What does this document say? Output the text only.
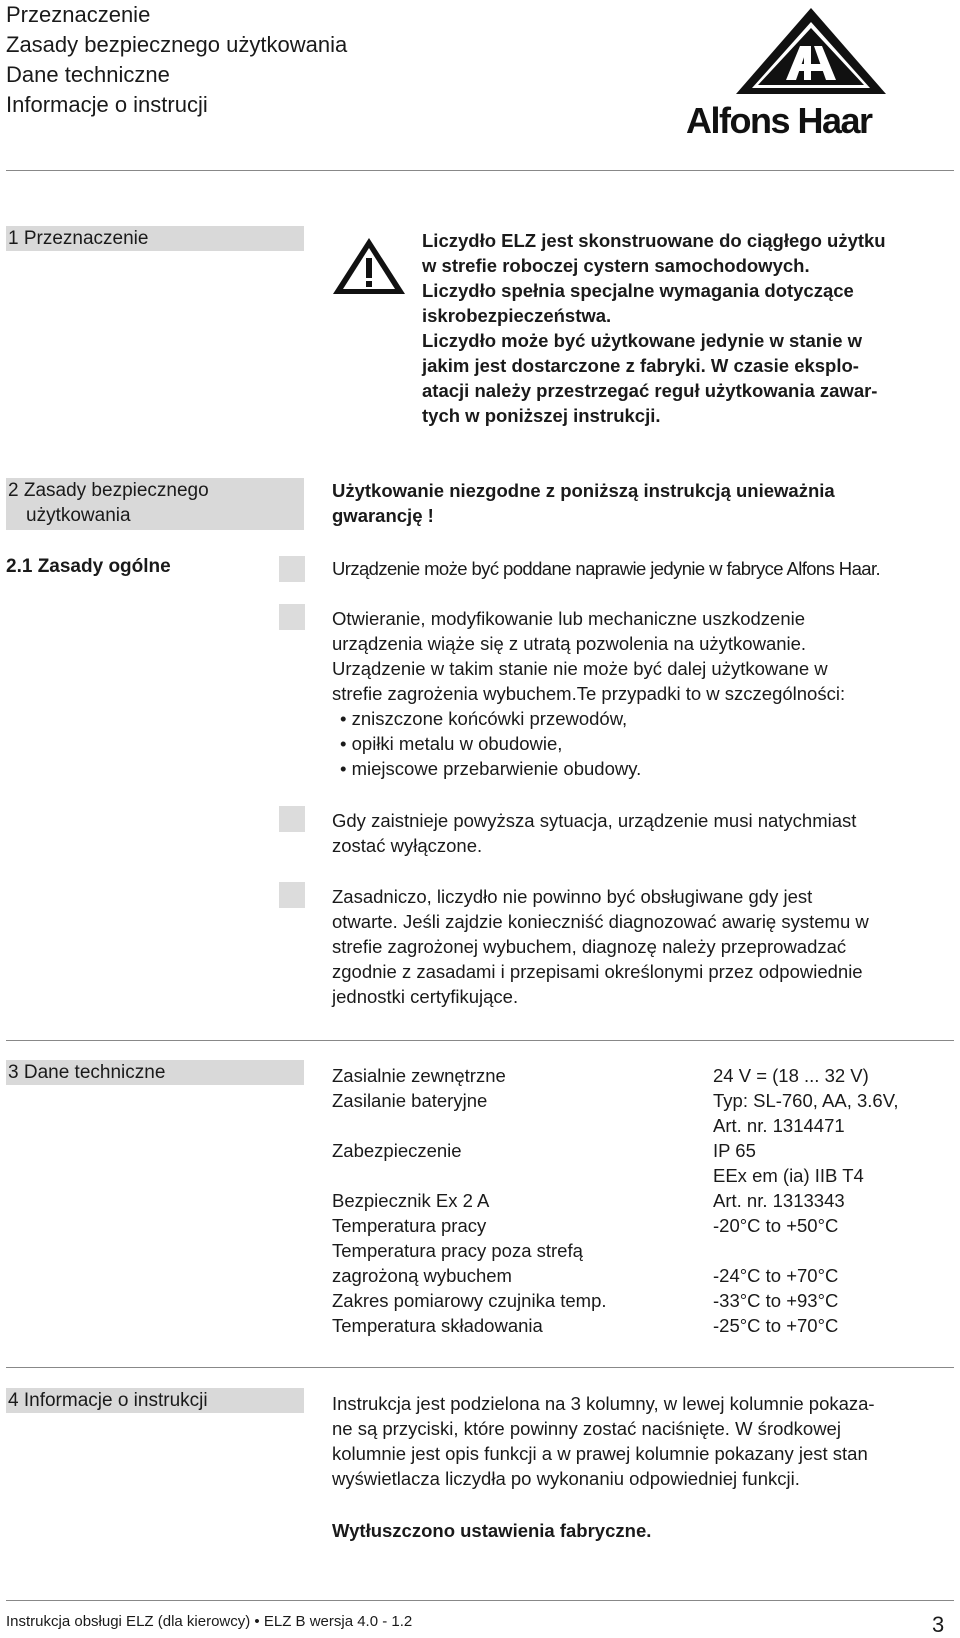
Przeznaczenie
Zasady bezpiecznego użytkowania
Dane techniczne
Informacje o instrucji	Alfons Haar
1 Przeznaczenie	Liczydło ELZ jest skonstruowane do ciągłego użytku
w strefie roboczej cystern samochodowych.
Liczydło spełnia specjalne wymagania dotyczące
iskrobezpieczeństwa.
Liczydło może być użytkowane jedynie w stanie w
jakim jest dostarczone z fabryki. W czasie eksplo-
atacji należy przestrzegać reguł użytkowania zawar-
tych w poniższej instrukcji.
2 Zasady bezpiecznego
użytkowania
Użytkowanie niezgodne z poniższą instrukcją unieważnia
gwarancję !
2.1 Zasady ogólne	Urządzenie może być poddane naprawie jedynie w fabryce Alfons Haar.
Otwieranie, modyfikowanie lub mechaniczne uszkodzenie
urządzenia wiąże się z utratą pozwolenia na użytkowanie.
Urządzenie w takim stanie nie może być dalej użytkowane w
strefie zagrożenia wybuchem.Te przypadki to w szczególności:
• zniszczone końcówki przewodów,
• opiłki metalu w obudowie,
• miejscowe przebarwienie obudowy.
Gdy zaistnieje powyższa sytuacja, urządzenie musi natychmiast
zostać wyłączone.
Zasadniczo, liczydło nie powinno być obsługiwane gdy jest
otwarte. Jeśli zajdzie konieczniść diagnozować awarię systemu w
strefie zagrożonej wybuchem, diagnozę należy przeprowadzać
zgodnie z zasadami i przepisami określonymi przez odpowiednie
jednostki certyfikujące.
3 Dane techniczne	Zasialnie zewnętrzne	24 V = (18 ... 32 V)
Zasilanie bateryjne	Typ: SL-760, AA, 3.6V,
Art. nr. 1314471
Zabezpieczenie	IP 65
EEx em (ia) IIB T4
Bezpiecznik Ex 2 A	Art. nr. 1313343
Temperatura pracy	-20°C to +50°C
Temperatura pracy poza strefą
zagrożoną wybuchem	-24°C to +70°C
Zakres pomiarowy czujnika temp.	-33°C to +93°C
Temperatura składowania	-25°C to +70°C
4 Informacje o instrukcji	Instrukcja jest podzielona na 3 kolumny, w lewej kolumnie pokaza-
ne są przyciski, które powinny zostać naciśnięte. W środkowej
kolumnie jest opis funkcji a w prawej kolumnie pokazany jest stan
wyświetlacza liczydła po wykonaniu odpowiedniej funkcji.
Wytłuszczono ustawienia fabryczne.
Instrukcja obsługi ELZ (dla kierowcy) • ELZ B wersja 4.0 - 1.2	3
